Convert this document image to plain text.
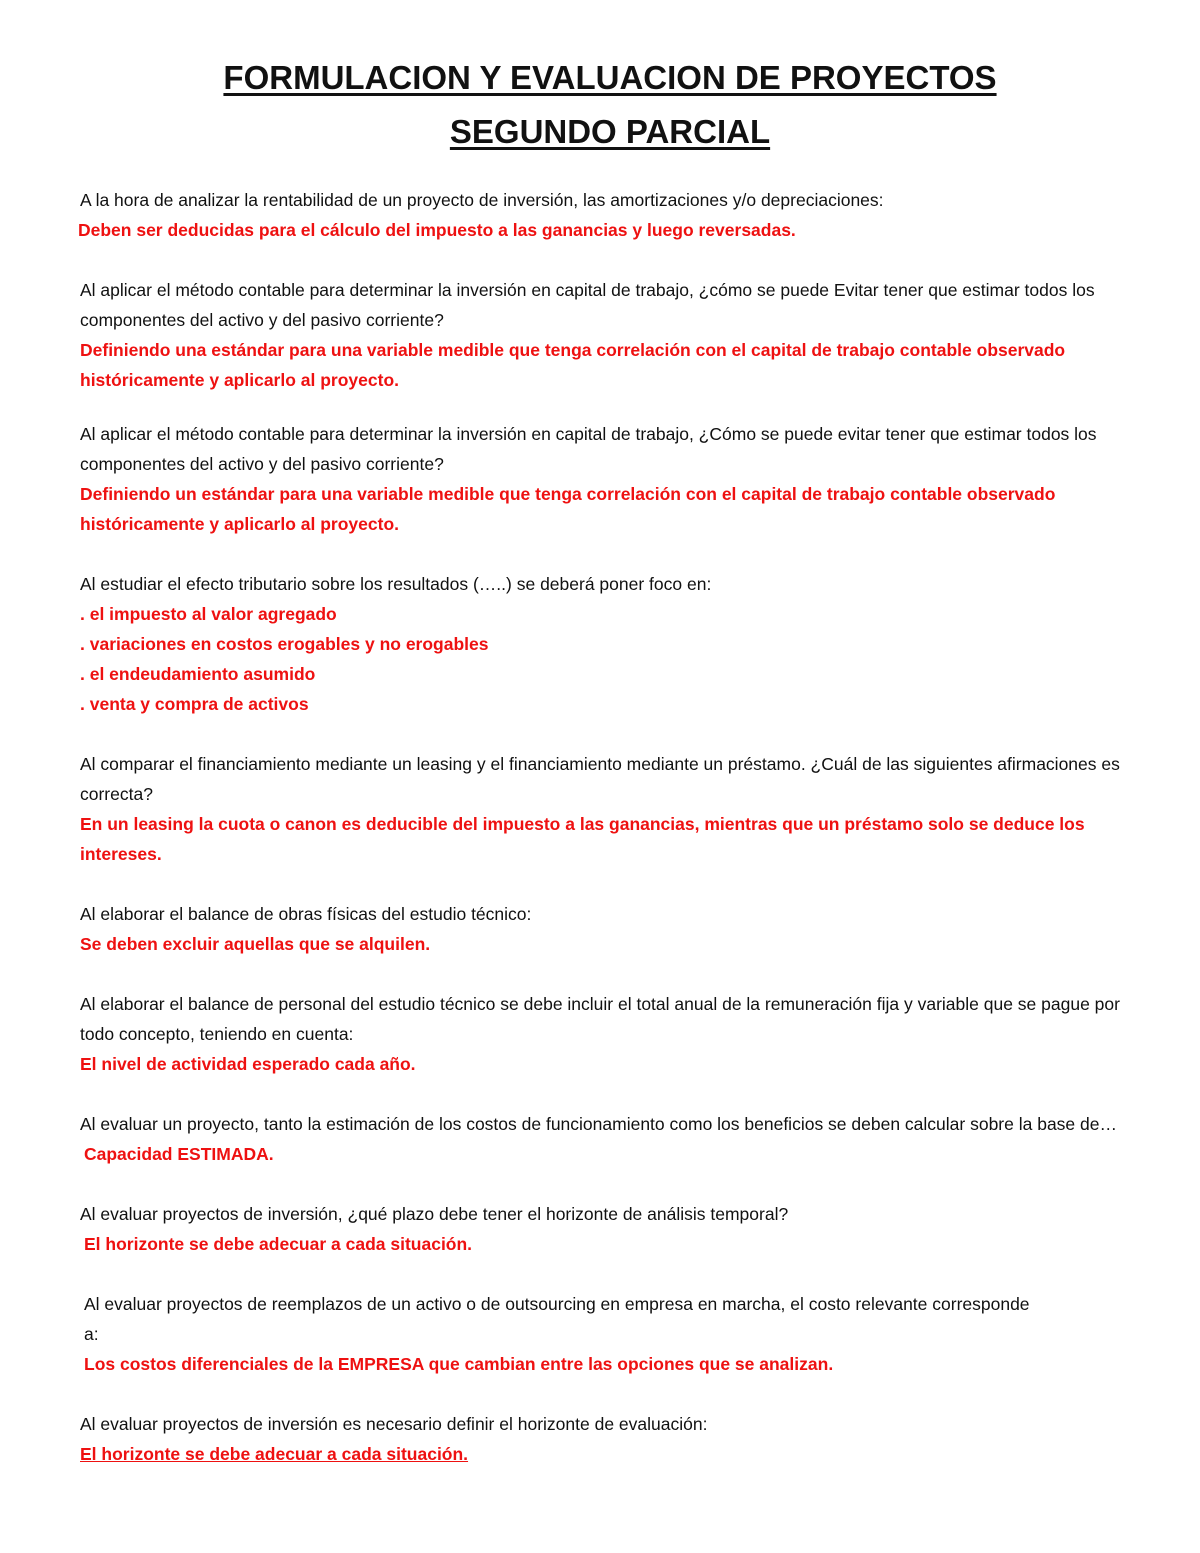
FORMULACION Y EVALUACION DE PROYECTOS
SEGUNDO PARCIAL

A la hora de analizar la rentabilidad de un proyecto de inversión, las amortizaciones y/o depreciaciones:

Deben ser deducidas para el cálculo del impuesto a las ganancias y luego reversadas.

Al aplicar el método contable para determinar la inversión en capital de trabajo, ¿cómo se puede Evitar tener que estimar todos los componentes del activo y del pasivo corriente?

Definiendo una estándar para una variable medible que tenga correlación con el capital de trabajo contable observado históricamente y aplicarlo al proyecto.

Al aplicar el método contable para determinar la inversión en capital de trabajo, ¿Cómo se puede evitar tener que estimar todos los componentes del activo y del pasivo corriente?

Definiendo un estándar para una variable medible que tenga correlación con el capital de trabajo contable observado históricamente y aplicarlo al proyecto.

Al estudiar el efecto tributario sobre los resultados (…..) se deberá poner foco en:

. el impuesto al valor agregado
. variaciones en costos erogables y no erogables
. el endeudamiento asumido
. venta y compra de activos

Al comparar el financiamiento mediante un leasing y el financiamiento mediante un préstamo. ¿Cuál de las siguientes afirmaciones es correcta?

En un leasing la cuota o canon es deducible del impuesto a las ganancias, mientras que un préstamo solo se deduce los intereses.

Al elaborar el balance de obras físicas del estudio técnico:

Se deben excluir aquellas que se alquilen.

Al elaborar el balance de personal del estudio técnico se debe incluir el total anual de la remuneración fija y variable que se pague por todo concepto, teniendo en cuenta:

El nivel de actividad esperado cada año.

Al evaluar un proyecto, tanto la estimación de los costos de funcionamiento como los beneficios se deben calcular sobre la base de…

Capacidad ESTIMADA.

Al evaluar proyectos de inversión, ¿qué plazo debe tener el horizonte de análisis temporal?

El horizonte se debe adecuar a cada situación.

Al evaluar proyectos de reemplazos de un activo o de outsourcing en empresa en marcha, el costo relevante corresponde a:

Los costos diferenciales de la EMPRESA que cambian entre las opciones que se analizan.

Al evaluar proyectos de inversión es necesario definir el horizonte de evaluación:

El horizonte se debe adecuar a cada situación.
